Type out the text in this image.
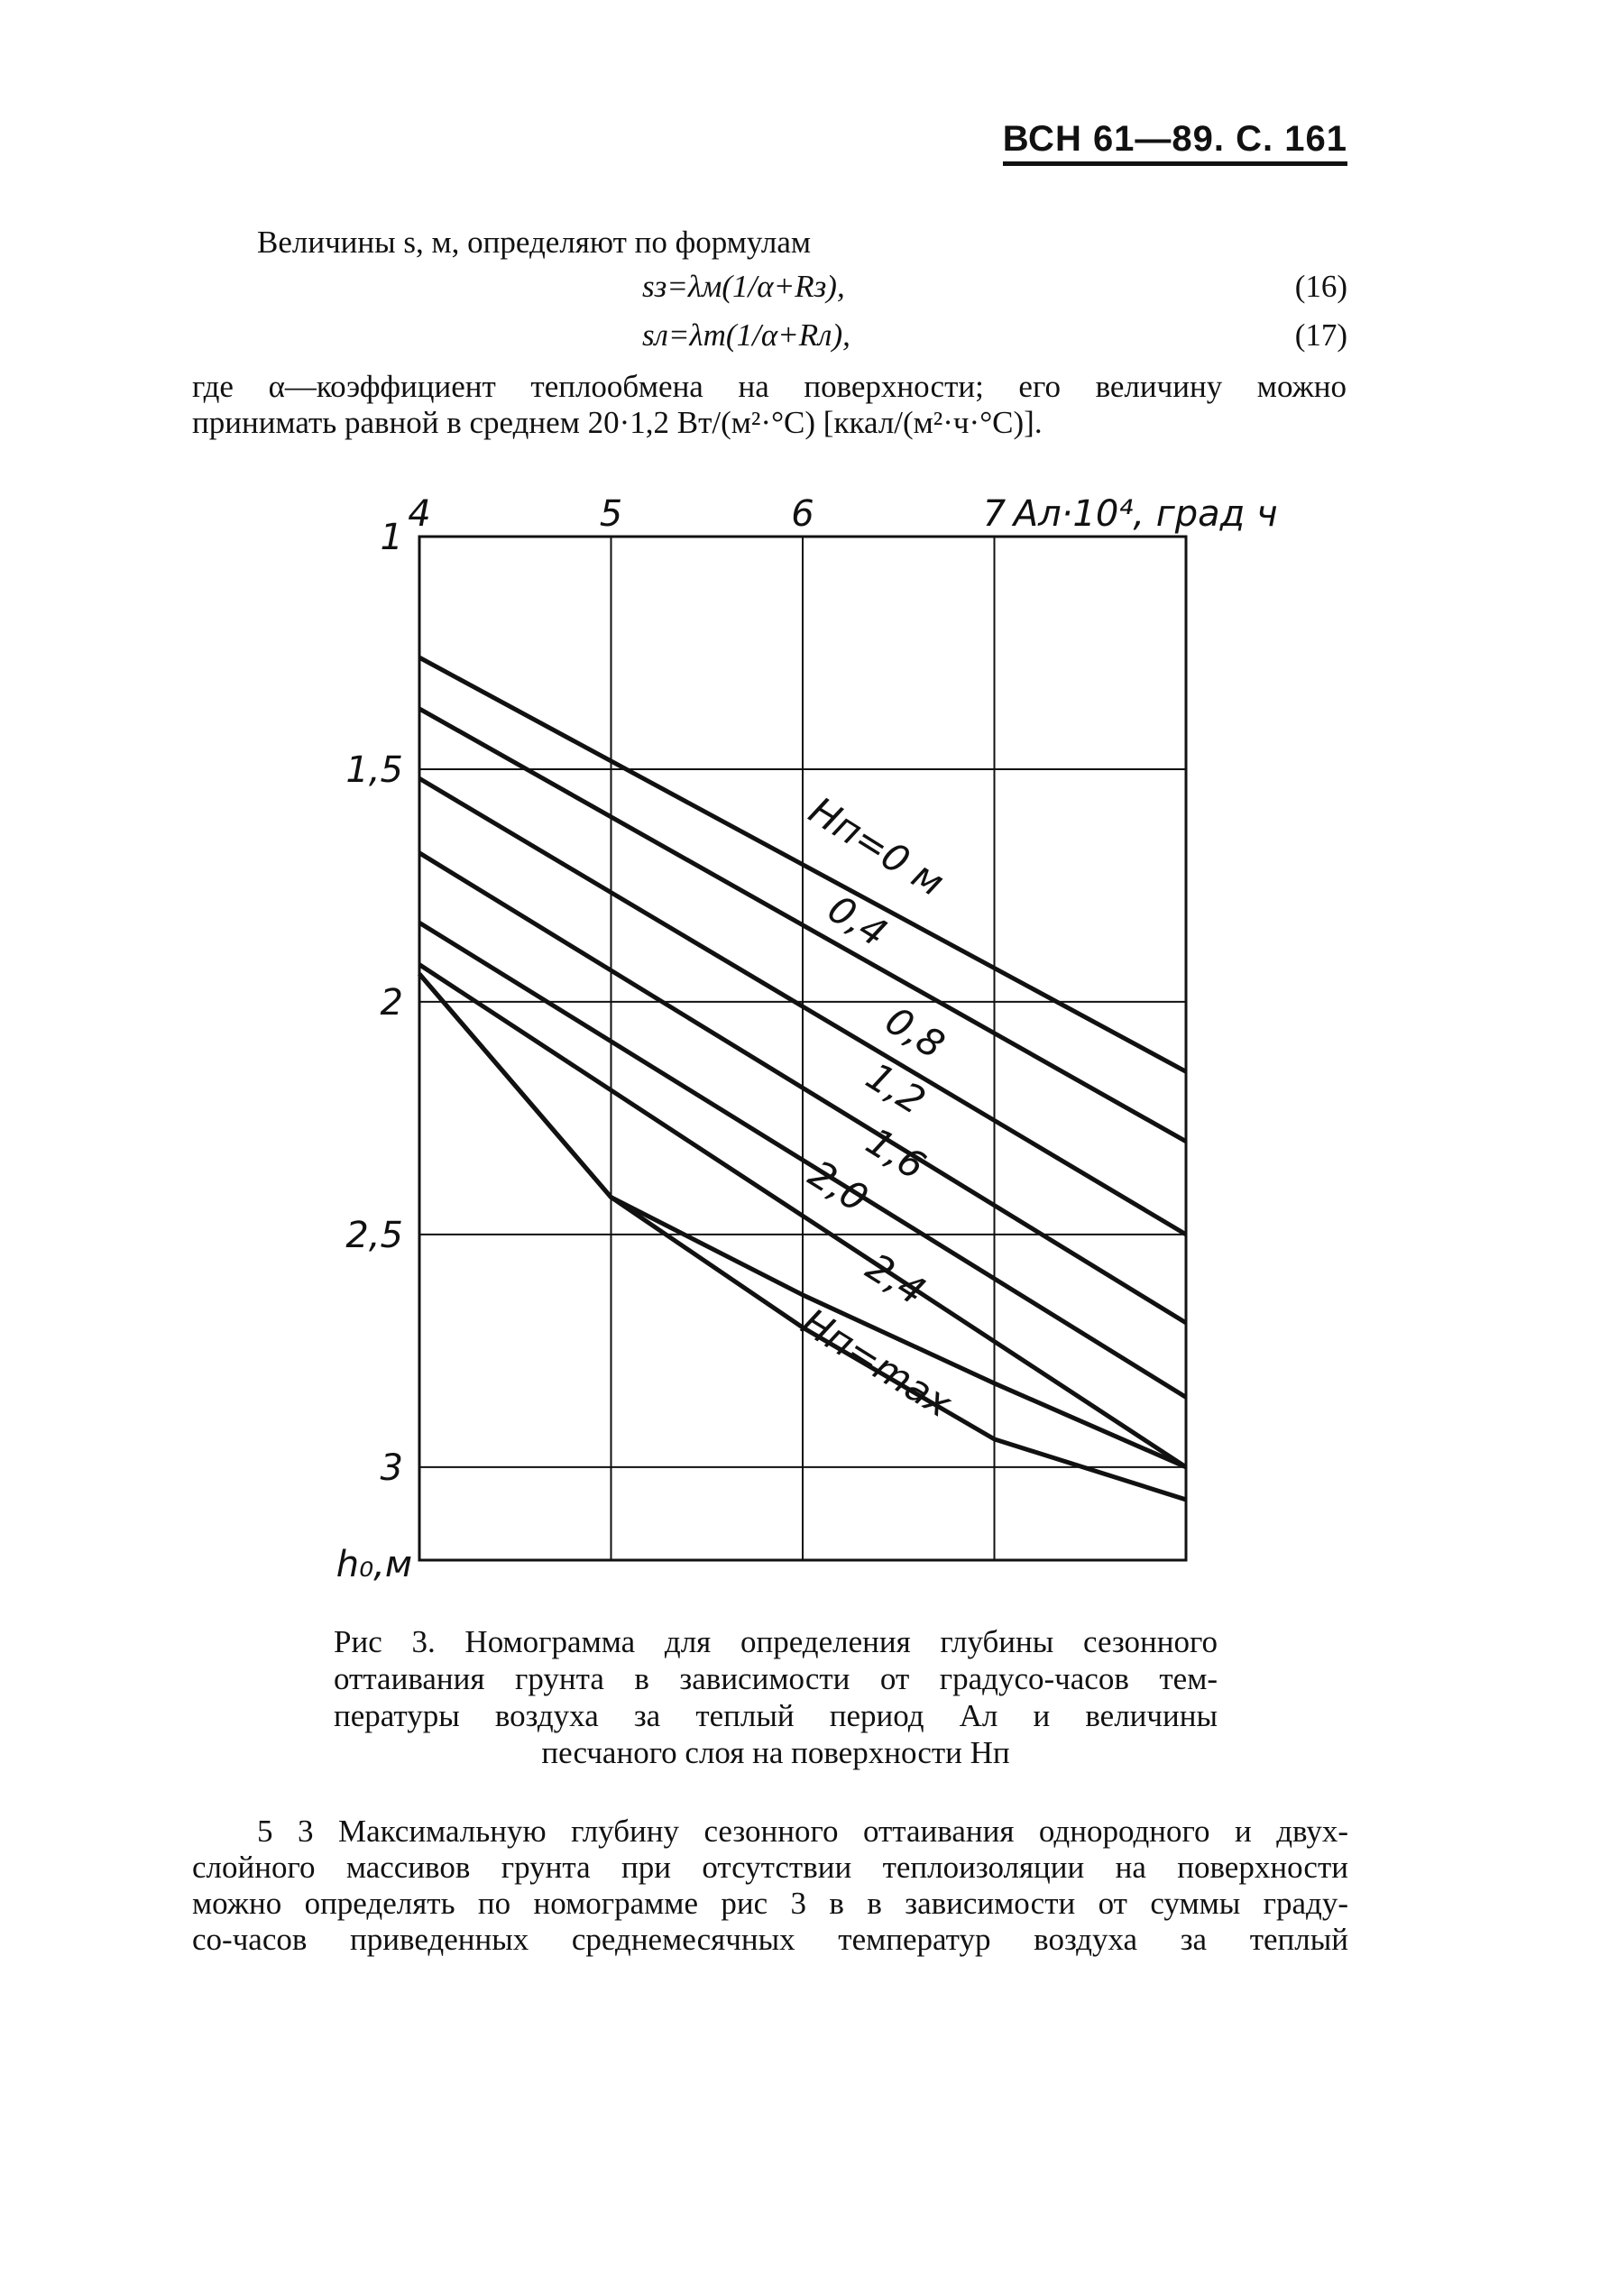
ВСН 61—89. С. 161
Величины s, м, определяют по формулам
sз=λм(1/α+Rз),	(16)
sл=λт(1/α+Rл),	(17)
где α—коэффициент теплообмена на поверхности; его величину можно
принимать равной в среднем 20·1,2 Вт/(м²·°С) [ккал/(м²·ч·°С)].
4	5	6	7 Aл·10⁴, град ч
1
1,5
2
2,5
3
h₀,м
Hп=0 м
0,4
0,8
1,2
1,6
2,0
2,4
Hп=max
Рис 3. Номограмма для определения глубины сезонного
оттаивания грунта в зависимости от градусо-часов тем-
пературы воздуха за теплый период Aл и величины
песчаного слоя на поверхности Hп
5 3 Максимальную глубину сезонного оттаивания однородного и двух-
слойного массивов грунта при отсутствии теплоизоляции на поверхности
можно определять по номограмме рис 3 в в зависимости от суммы граду-
со-часов приведенных среднемесячных температур воздуха за теплый
